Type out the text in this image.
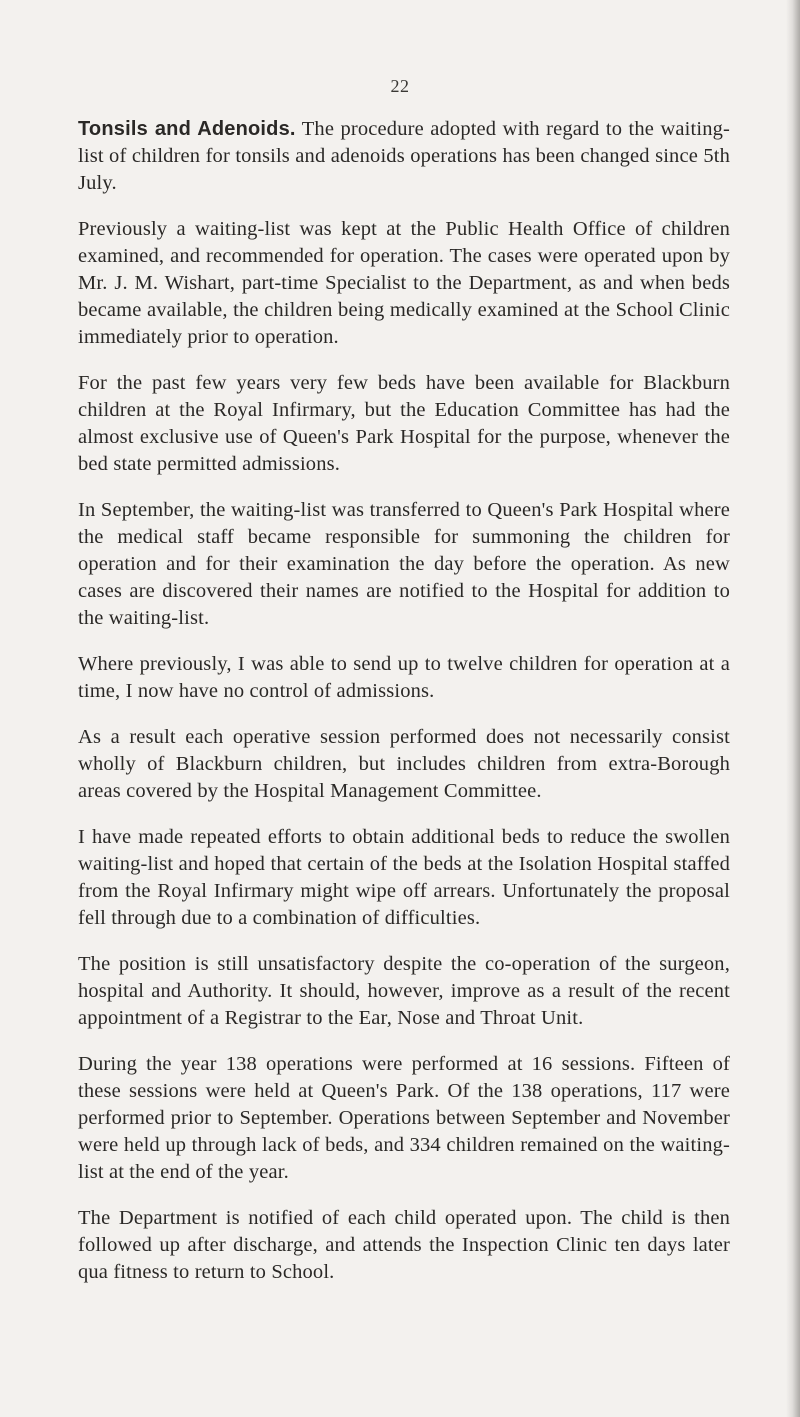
22

Tonsils and Adenoids. The procedure adopted with regard to the waiting-list of children for tonsils and adenoids operations has been changed since 5th July.

Previously a waiting-list was kept at the Public Health Office of children examined, and recommended for operation. The cases were operated upon by Mr. J. M. Wishart, part-time Specialist to the Department, as and when beds became available, the children being medically examined at the School Clinic immediately prior to operation.

For the past few years very few beds have been available for Blackburn children at the Royal Infirmary, but the Education Committee has had the almost exclusive use of Queen's Park Hospital for the purpose, whenever the bed state permitted admissions.

In September, the waiting-list was transferred to Queen's Park Hospital where the medical staff became responsible for summoning the children for operation and for their examination the day before the operation. As new cases are discovered their names are notified to the Hospital for addition to the waiting-list.

Where previously, I was able to send up to twelve children for operation at a time, I now have no control of admissions.

As a result each operative session performed does not necessarily consist wholly of Blackburn children, but includes children from extra-Borough areas covered by the Hospital Management Committee.

I have made repeated efforts to obtain additional beds to reduce the swollen waiting-list and hoped that certain of the beds at the Isolation Hospital staffed from the Royal Infirmary might wipe off arrears. Unfortunately the proposal fell through due to a combination of difficulties.

The position is still unsatisfactory despite the co-operation of the surgeon, hospital and Authority. It should, however, improve as a result of the recent appointment of a Registrar to the Ear, Nose and Throat Unit.

During the year 138 operations were performed at 16 sessions. Fifteen of these sessions were held at Queen's Park. Of the 138 operations, 117 were performed prior to September. Operations between September and November were held up through lack of beds, and 334 children remained on the waiting-list at the end of the year.

The Department is notified of each child operated upon. The child is then followed up after discharge, and attends the Inspection Clinic ten days later qua fitness to return to School.
